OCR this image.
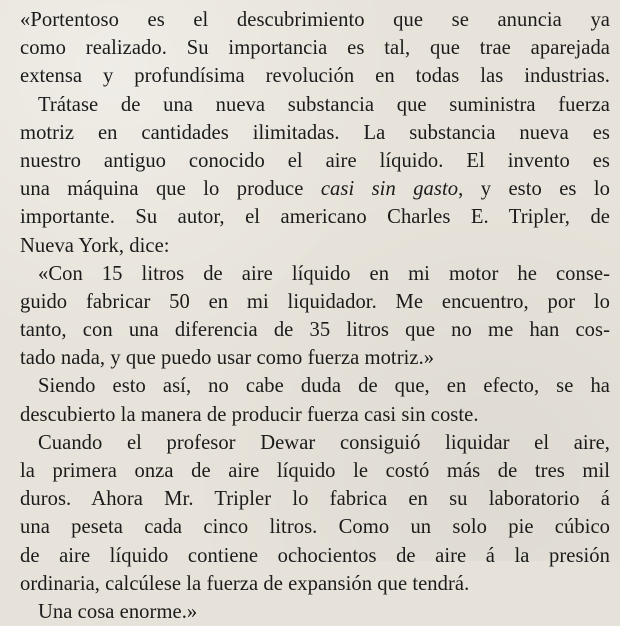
«Portentoso es el descubrimiento que se anuncia ya
como realizado. Su importancia es tal, que trae aparejada
extensa y profundísima revolución en todas las industrias.
Trátase de una nueva substancia que suministra fuerza
motriz en cantidades ilimitadas. La substancia nueva es
nuestro antiguo conocido el aire líquido. El invento es
una máquina que lo produce casi sin gasto, y esto es lo
importante. Su autor, el americano Charles E. Tripler, de
Nueva York, dice:
«Con 15 litros de aire líquido en mi motor he conse-
guido fabricar 50 en mi liquidador. Me encuentro, por lo
tanto, con una diferencia de 35 litros que no me han cos-
tado nada, y que puedo usar como fuerza motriz.»
Siendo esto así, no cabe duda de que, en efecto, se ha
descubierto la manera de producir fuerza casi sin coste.
Cuando el profesor Dewar consiguió liquidar el aire,
la primera onza de aire líquido le costó más de tres mil
duros. Ahora Mr. Tripler lo fabrica en su laboratorio á
una peseta cada cinco litros. Como un solo pie cúbico
de aire líquido contiene ochocientos de aire á la presión
ordinaria, calcúlese la fuerza de expansión que tendrá.
Una cosa enorme.»
